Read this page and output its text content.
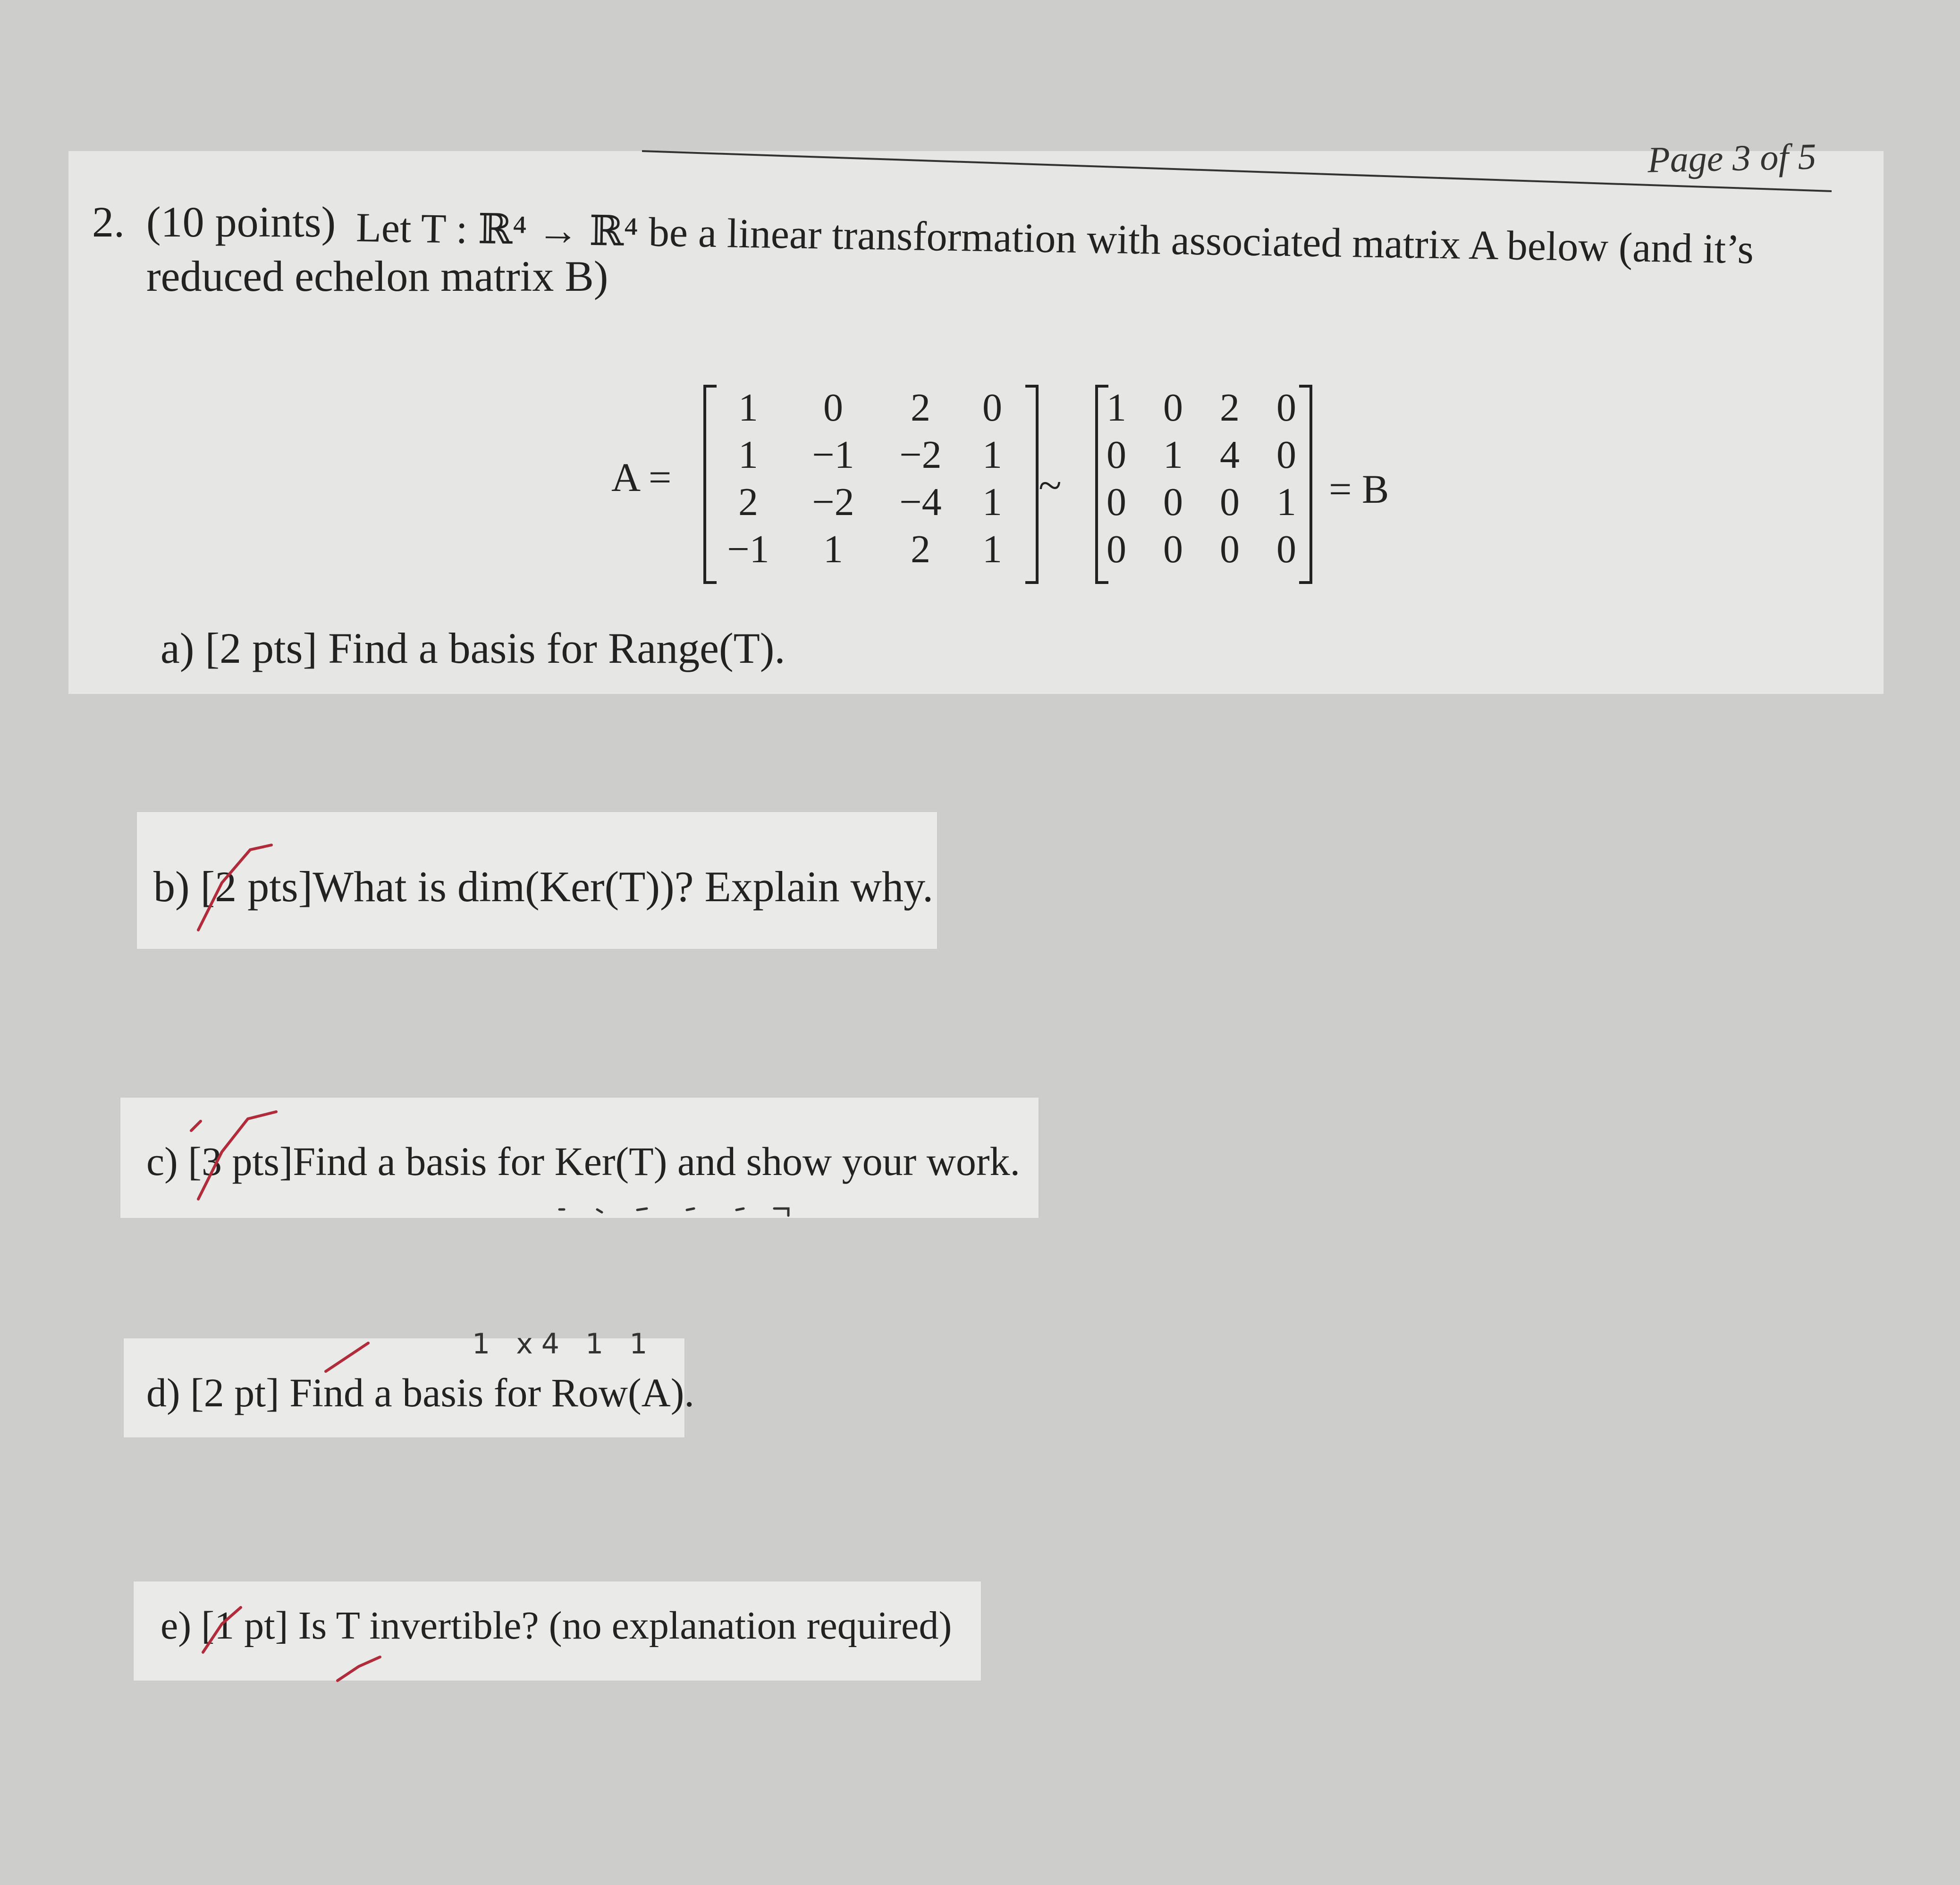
Page 3 of 5
2. (10 points) Let T : ℝ⁴ → ℝ⁴ be a linear transformation with associated matrix A below (and it’s
reduced echelon matrix B)
A =
1	0	2	0
1	−1	−2	1
2	−2	−4	1
−1	1	2	1
~
1 0 2 0
0 1 4 0
0 0 0 1
0 0 0 0
= B
a) [2 pts] Find a basis for Range(T).
b) [2 pts]What is dim(Ker(T))? Explain why.
c) [3 pts]Find a basis for Ker(T) and show your work.
d) [2 pt] Find a basis for Row(A).
e) [1 pt] Is T invertible? (no explanation required)
1 x4 1 1
